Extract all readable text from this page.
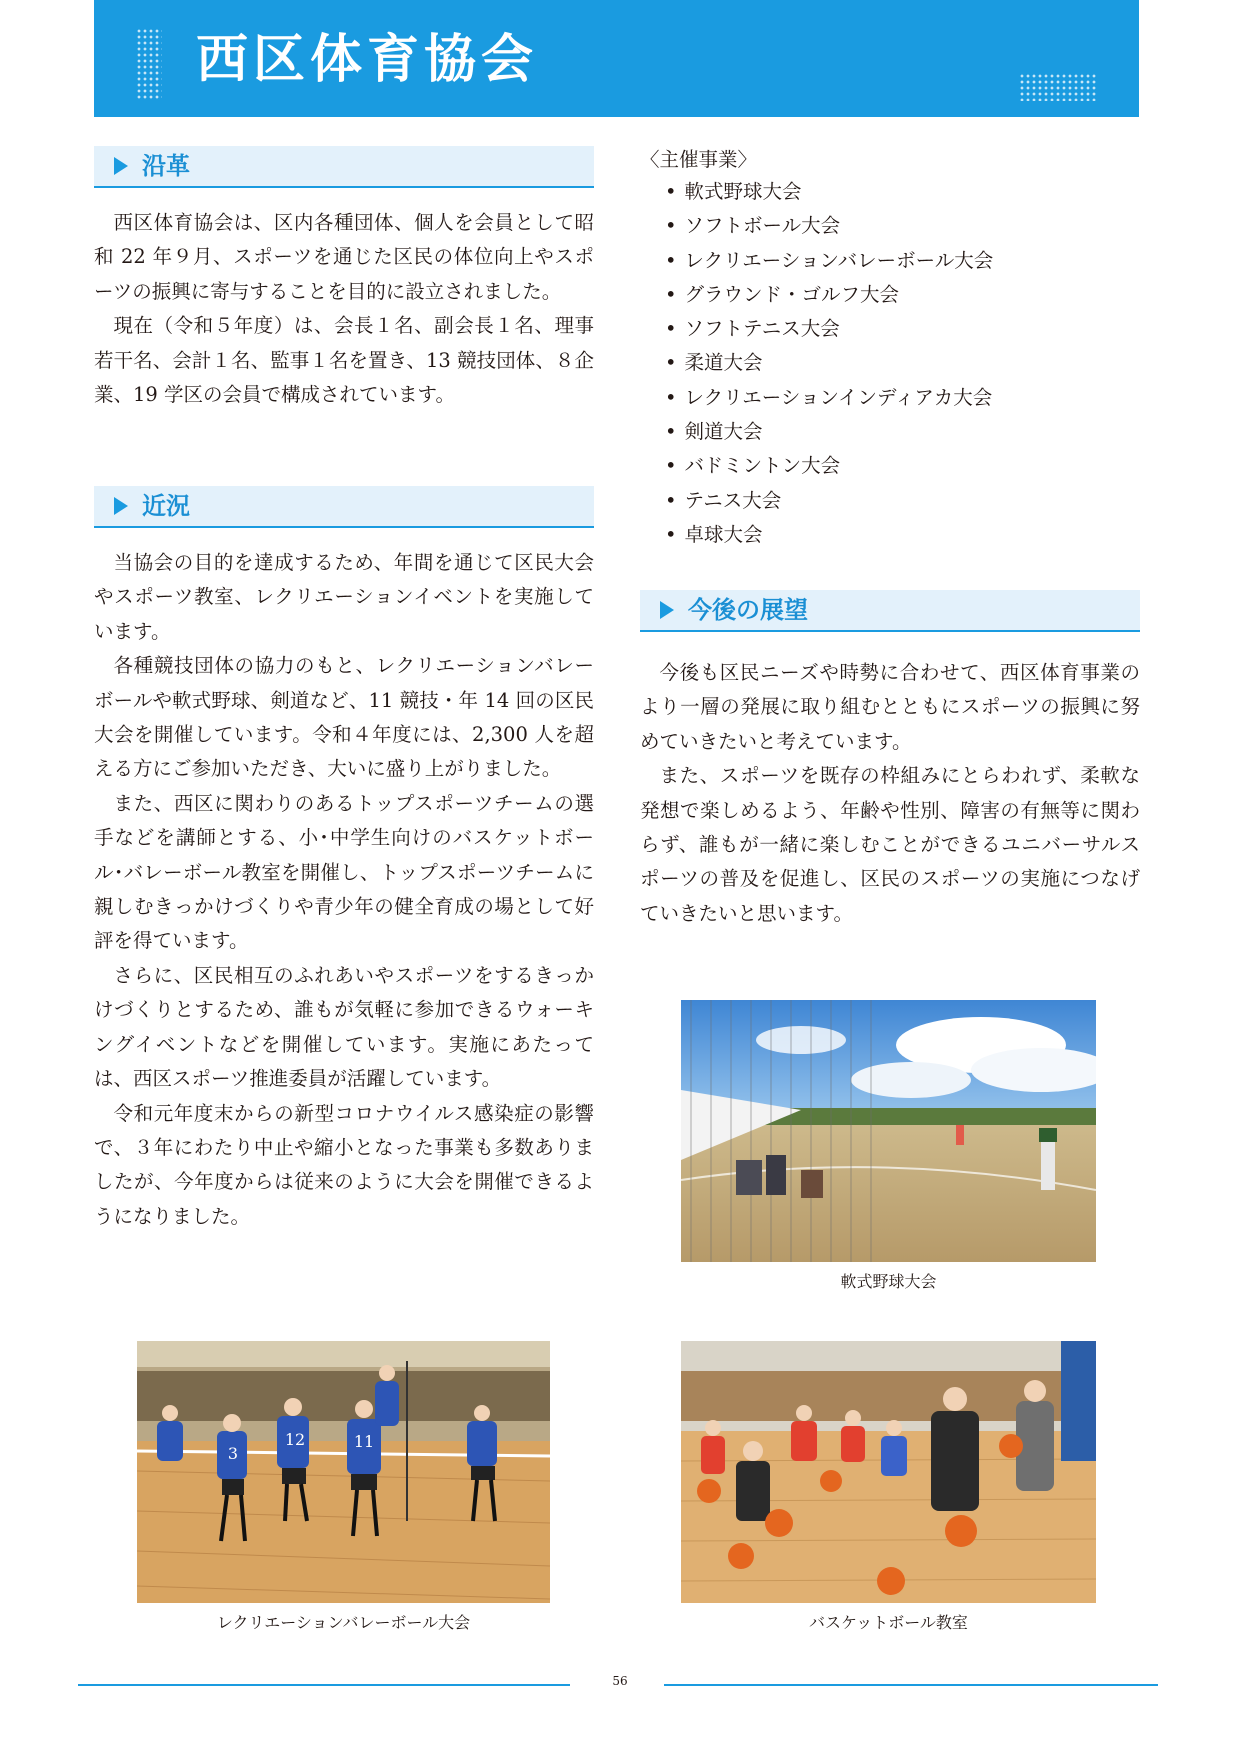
西区体育協会
沿革

西区体育協会は、区内各種団体、個人を会員として昭和 22 年９月、スポーツを通じた区民の体位向上やスポーツの振興に寄与することを目的に設立されました。

現在（令和５年度）は、会長１名、副会長１名、理事若干名、会計１名、監事１名を置き、13 競技団体、８企業、19 学区の会員で構成されています。

近況

当協会の目的を達成するため、年間を通じて区民大会やスポーツ教室、レクリエーションイベントを実施しています。

各種競技団体の協力のもと、レクリエーションバレーボールや軟式野球、剣道など、11 競技・年 14 回の区民大会を開催しています。令和４年度には、2,300 人を超える方にご参加いただき、大いに盛り上がりました。

また、西区に関わりのあるトップスポーツチームの選手などを講師とする、小･中学生向けのバスケットボール･バレーボール教室を開催し、トップスポーツチームに親しむきっかけづくりや青少年の健全育成の場として好評を得ています。

さらに、区民相互のふれあいやスポーツをするきっかけづくりとするため、誰もが気軽に参加できるウォーキングイベントなどを開催しています。実施にあたっては、西区スポーツ推進委員が活躍しています。

令和元年度末からの新型コロナウイルス感染症の影響で、３年にわたり中止や縮小となった事業も多数ありましたが、今年度からは従来のように大会を開催できるようになりました。

〈主催事業〉
• 軟式野球大会
• ソフトボール大会
• レクリエーションバレーボール大会
• グラウンド・ゴルフ大会
• ソフトテニス大会
• 柔道大会
• レクリエーションインディアカ大会
• 剣道大会
• バドミントン大会
• テニス大会
• 卓球大会
今後の展望

今後も区民ニーズや時勢に合わせて、西区体育事業のより一層の発展に取り組むとともにスポーツの振興に努めていきたいと考えています。

また、スポーツを既存の枠組みにとらわれず、柔軟な発想で楽しめるよう、年齢や性別、障害の有無等に関わらず、誰もが一緒に楽しむことができるユニバーサルスポーツの普及を促進し、区民のスポーツの実施につなげていきたいと思います。

軟式野球大会
12
3
11
レクリエーションバレーボール大会	バスケットボール教室
56
